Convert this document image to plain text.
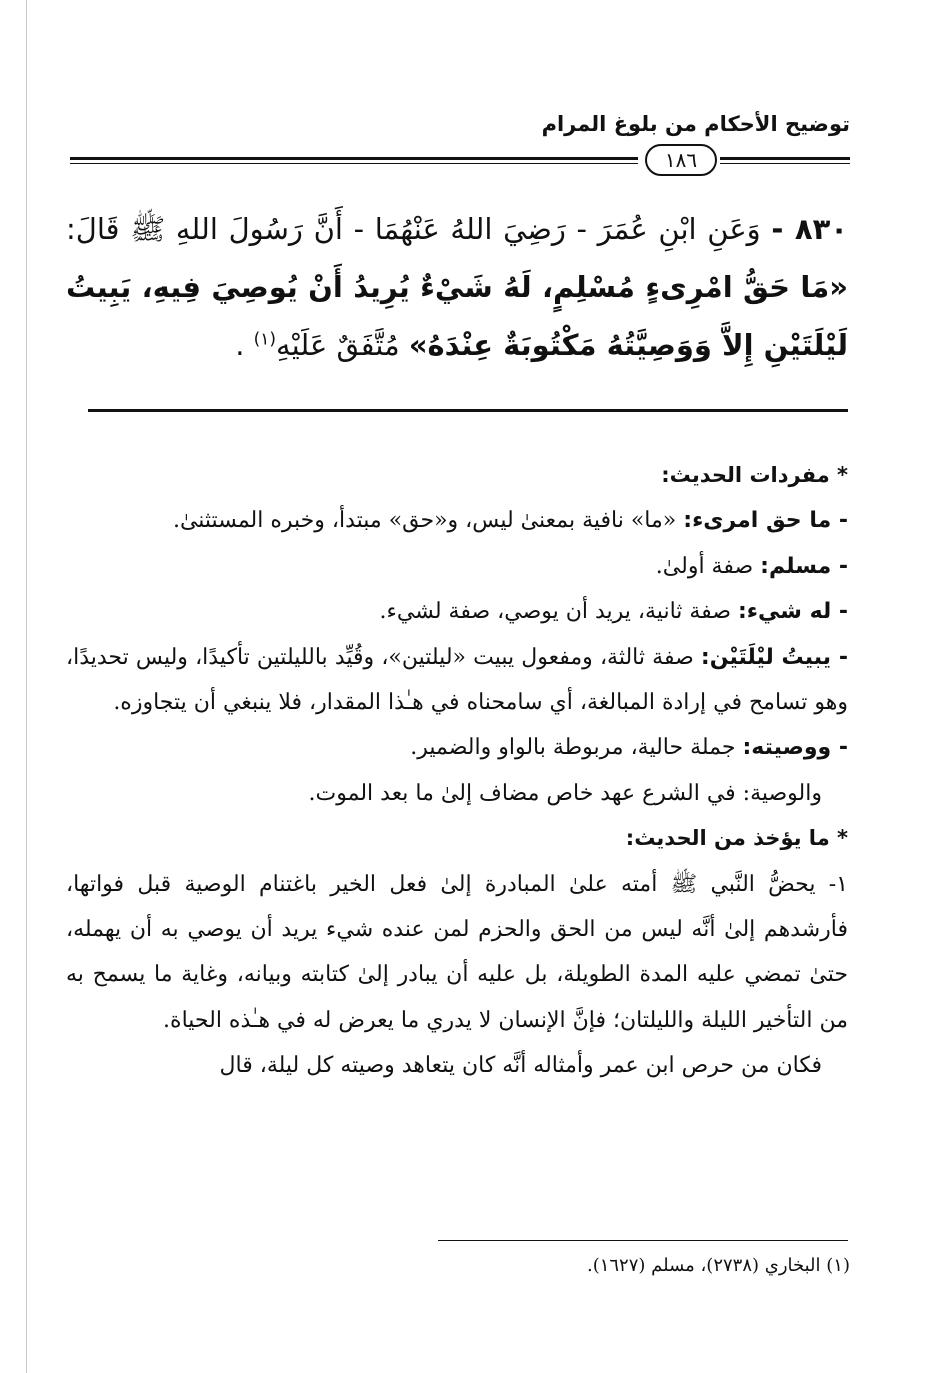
توضيح الأحكام من بلوغ المرام
١٨٦
٨٣٠ - وَعَنِ ابْنِ عُمَرَ - رَضِيَ اللهُ عَنْهُمَا - أَنَّ رَسُولَ اللهِ ﷺ قَالَ: «مَا حَقُّ امْرِىءٍ مُسْلِمٍ، لَهُ شَيْءٌ يُرِيدُ أَنْ يُوصِيَ فِيهِ، يَبِيتُ لَيْلَتَيْنِ إِلاَّ وَوَصِيَّتُهُ مَكْتُوبَةٌ عِنْدَهُ» مُتَّفَقٌ عَلَيْهِ$^{(١)}$ .

* مفردات الحديث:

- ما حق امرىء: «ما» نافية بمعنىٰ ليس، و«حق» مبتدأ، وخبره المستثنىٰ.

- مسلم: صفة أولىٰ.

- له شيء: صفة ثانية، يريد أن يوصي، صفة لشيء.

- يبيتُ ليْلَتَيْن: صفة ثالثة، ومفعول يبيت «ليلتين»، وقُيِّد بالليلتين تأكيدًا، وليس تحديدًا، وهو تسامح في إرادة المبالغة، أي سامحناه في هـٰذا المقدار، فلا ينبغي أن يتجاوزه.

- ووصيته: جملة حالية، مربوطة بالواو والضمير.

والوصية: في الشرع عهد خاص مضاف إلىٰ ما بعد الموت.

* ما يؤخذ من الحديث:

١- يحضُّ النَّبي ﷺ أمته علىٰ المبادرة إلىٰ فعل الخير باغتنام الوصية قبل فواتها، فأرشدهم إلىٰ أنَّه ليس من الحق والحزم لمن عنده شيء يريد أن يوصي به أن يهمله، حتىٰ تمضي عليه المدة الطويلة، بل عليه أن يبادر إلىٰ كتابته وبيانه، وغاية ما يسمح به من التأخير الليلة والليلتان؛ فإنَّ الإنسان لا يدري ما يعرض له في هـٰذه الحياة.

فكان من حرص ابن عمر وأمثاله أنَّه كان يتعاهد وصيته كل ليلة، قال

(١) البخاري (٢٧٣٨)، مسلم (١٦٢٧).
